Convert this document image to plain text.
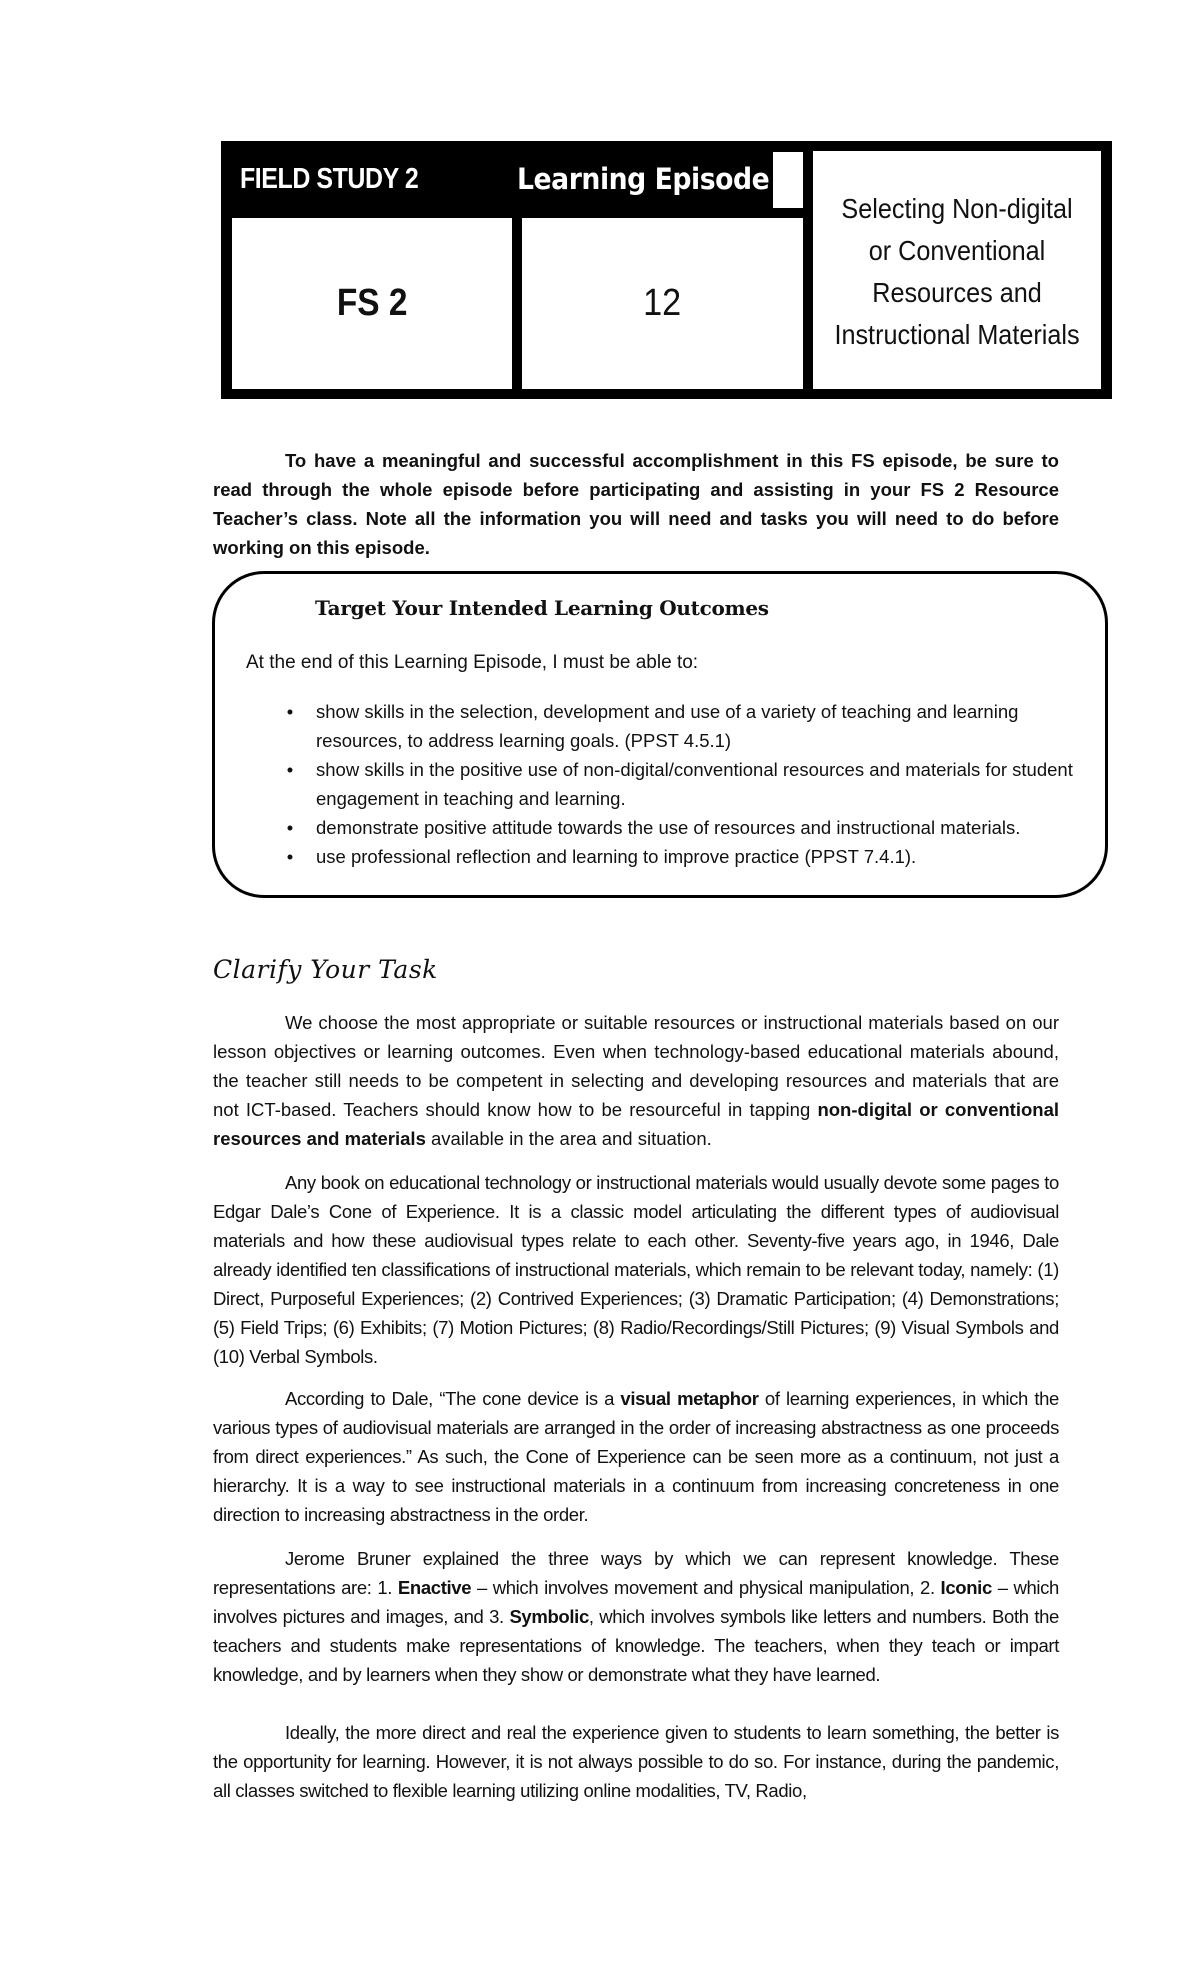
FIELD STUDY 2	Learning Episode
FS 2	12
Selecting Non-digital or Conventional Resources and Instructional Materials

To have a meaningful and successful accomplishment in this FS episode, be sure to read through the whole episode before participating and assisting in your FS 2 Resource Teacher’s class. Note all the information you will need and tasks you will need to do before working on this episode.

Target Your Intended Learning Outcomes
At the end of this Learning Episode, I must be able to:
•	show skills in the selection, development and use of a variety of teaching and learning resources, to address learning goals. (PPST 4.5.1)
•	show skills in the positive use of non-digital/conventional resources and materials for student engagement in teaching and learning.
•	demonstrate positive attitude towards the use of resources and instructional materials.
•	use professional reflection and learning to improve practice (PPST 7.4.1).
Clarify Your Task

We choose the most appropriate or suitable resources or instructional materials based on our lesson objectives or learning outcomes. Even when technology-based educational materials abound, the teacher still needs to be competent in selecting and developing resources and materials that are not ICT-based. Teachers should know how to be resourceful in tapping non-digital or conventional resources and materials available in the area and situation.

Any book on educational technology or instructional materials would usually devote some pages to Edgar Dale’s Cone of Experience. It is a classic model articulating the different types of audiovisual materials and how these audiovisual types relate to each other. Seventy-five years ago, in 1946, Dale already identified ten classifications of instructional materials, which remain to be relevant today, namely: (1) Direct, Purposeful Experiences; (2) Contrived Experiences; (3) Dramatic Participation; (4) Demonstrations; (5) Field Trips; (6) Exhibits; (7) Motion Pictures; (8) Radio/Recordings/Still Pictures; (9) Visual Symbols and (10) Verbal Symbols.

According to Dale, “The cone device is a visual metaphor of learning experiences, in which the various types of audiovisual materials are arranged in the order of increasing abstractness as one proceeds from direct experiences.” As such, the Cone of Experience can be seen more as a continuum, not just a hierarchy. It is a way to see instructional materials in a continuum from increasing concreteness in one direction to increasing abstractness in the order.

Jerome Bruner explained the three ways by which we can represent knowledge. These representations are: 1. Enactive – which involves movement and physical manipulation, 2. Iconic – which involves pictures and images, and 3. Symbolic, which involves symbols like letters and numbers. Both the teachers and students make representations of knowledge. The teachers, when they teach or impart knowledge, and by learners when they show or demonstrate what they have learned.

Ideally, the more direct and real the experience given to students to learn something, the better is the opportunity for learning. However, it is not always possible to do so. For instance, during the pandemic, all classes switched to flexible learning utilizing online modalities, TV, Radio,
